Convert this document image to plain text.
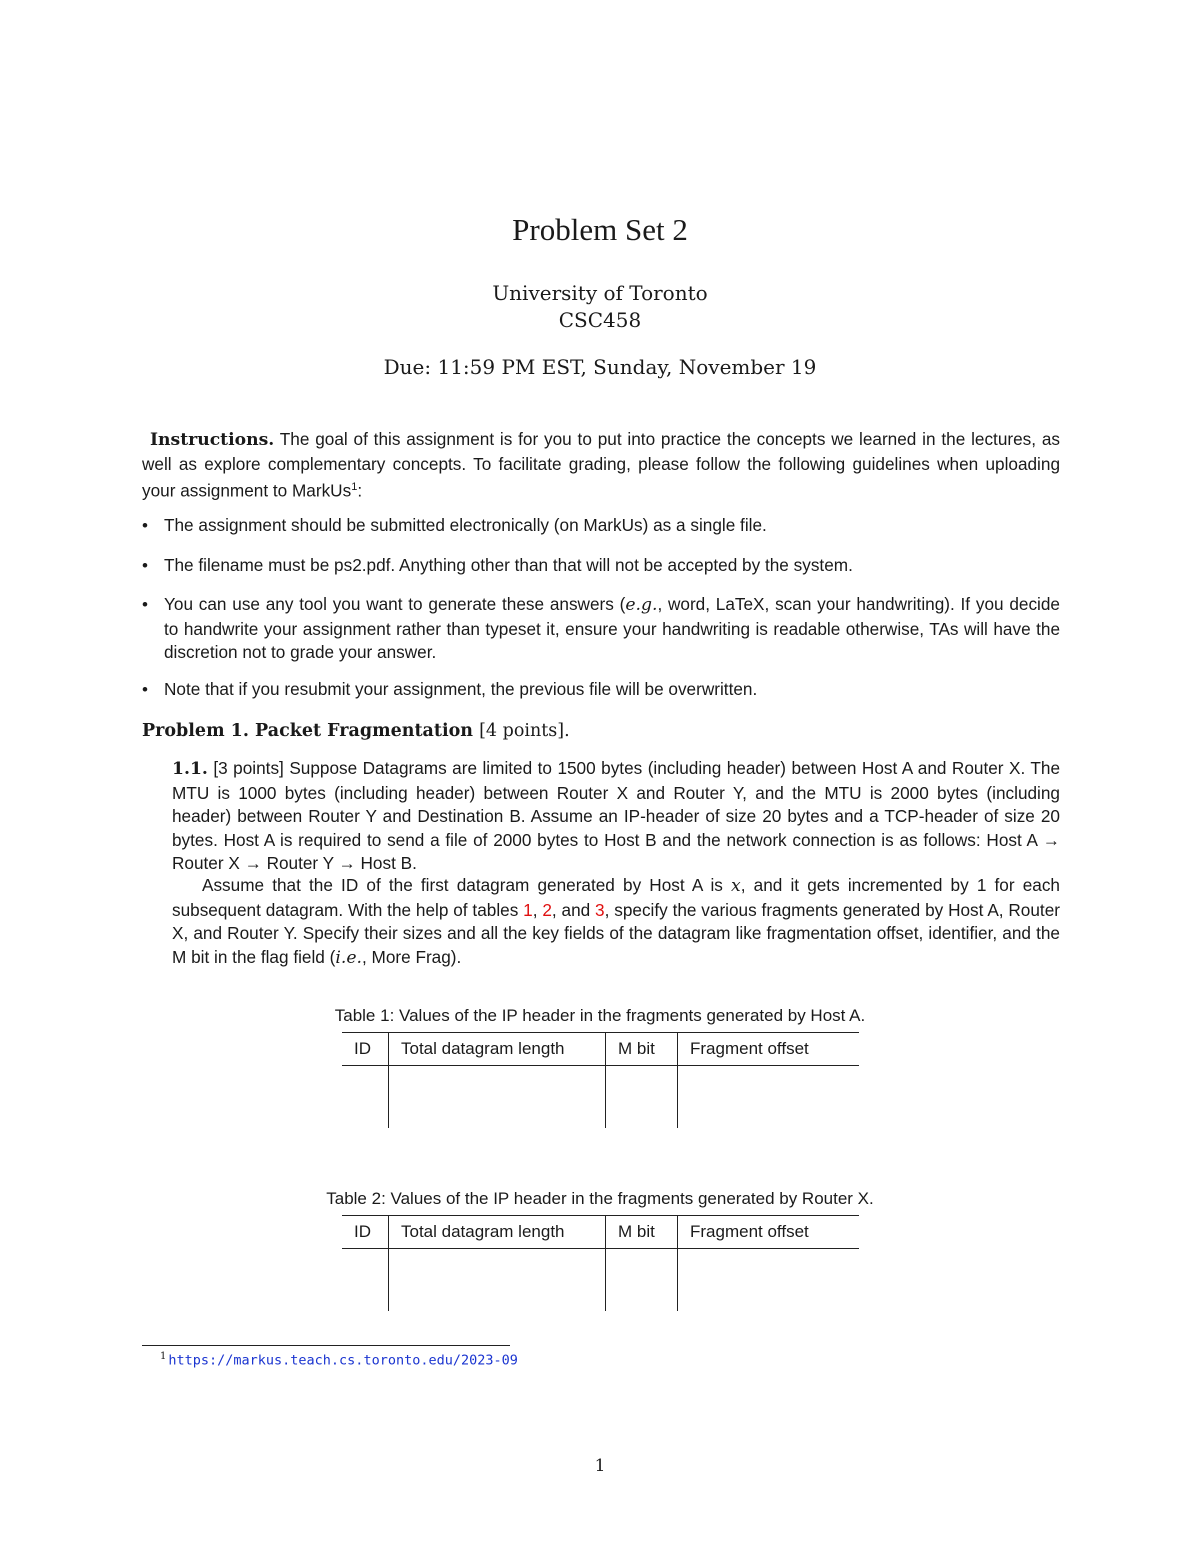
Problem Set 2
University of Toronto
CSC458
Due: 11:59 PM EST, Sunday, November 19
Instructions. The goal of this assignment is for you to put into practice the concepts we learned in the lectures, as well as explore complementary concepts. To facilitate grading, please follow the following guidelines when uploading your assignment to MarkUs$^1$:
• The assignment should be submitted electronically (on MarkUs) as a single file.
• The filename must be ps2.pdf. Anything other than that will not be accepted by the system.
• You can use any tool you want to generate these answers (e.g., word, LaTeX, scan your handwriting). If you decide to handwrite your assignment rather than typeset it, ensure your handwriting is readable otherwise, TAs will have the discretion not to grade your answer.
• Note that if you resubmit your assignment, the previous file will be overwritten.
Problem 1. Packet Fragmentation [4 points].
1.1. [3 points] Suppose Datagrams are limited to 1500 bytes (including header) between Host A and Router X. The MTU is 1000 bytes (including header) between Router X and Router Y, and the MTU is 2000 bytes (including header) between Router Y and Destination B. Assume an IP-header of size 20 bytes and a TCP-header of size 20 bytes. Host A is required to send a file of 2000 bytes to Host B and the network connection is as follows: Host A → Router X → Router Y → Host B.
Assume that the ID of the first datagram generated by Host A is x, and it gets incremented by 1 for each subsequent datagram. With the help of tables 1, 2, and 3, specify the various fragments generated by Host A, Router X, and Router Y. Specify their sizes and all the key fields of the datagram like fragmentation offset, identifier, and the M bit in the flag field (i.e., More Frag).
Table 1: Values of the IP header in the fragments generated by Host A.
ID	Total datagram length	M bit	Fragment offset

Table 2: Values of the IP header in the fragments generated by Router X.
ID	Total datagram length	M bit	Fragment offset

$^1$ https://markus.teach.cs.toronto.edu/2023-09
1
